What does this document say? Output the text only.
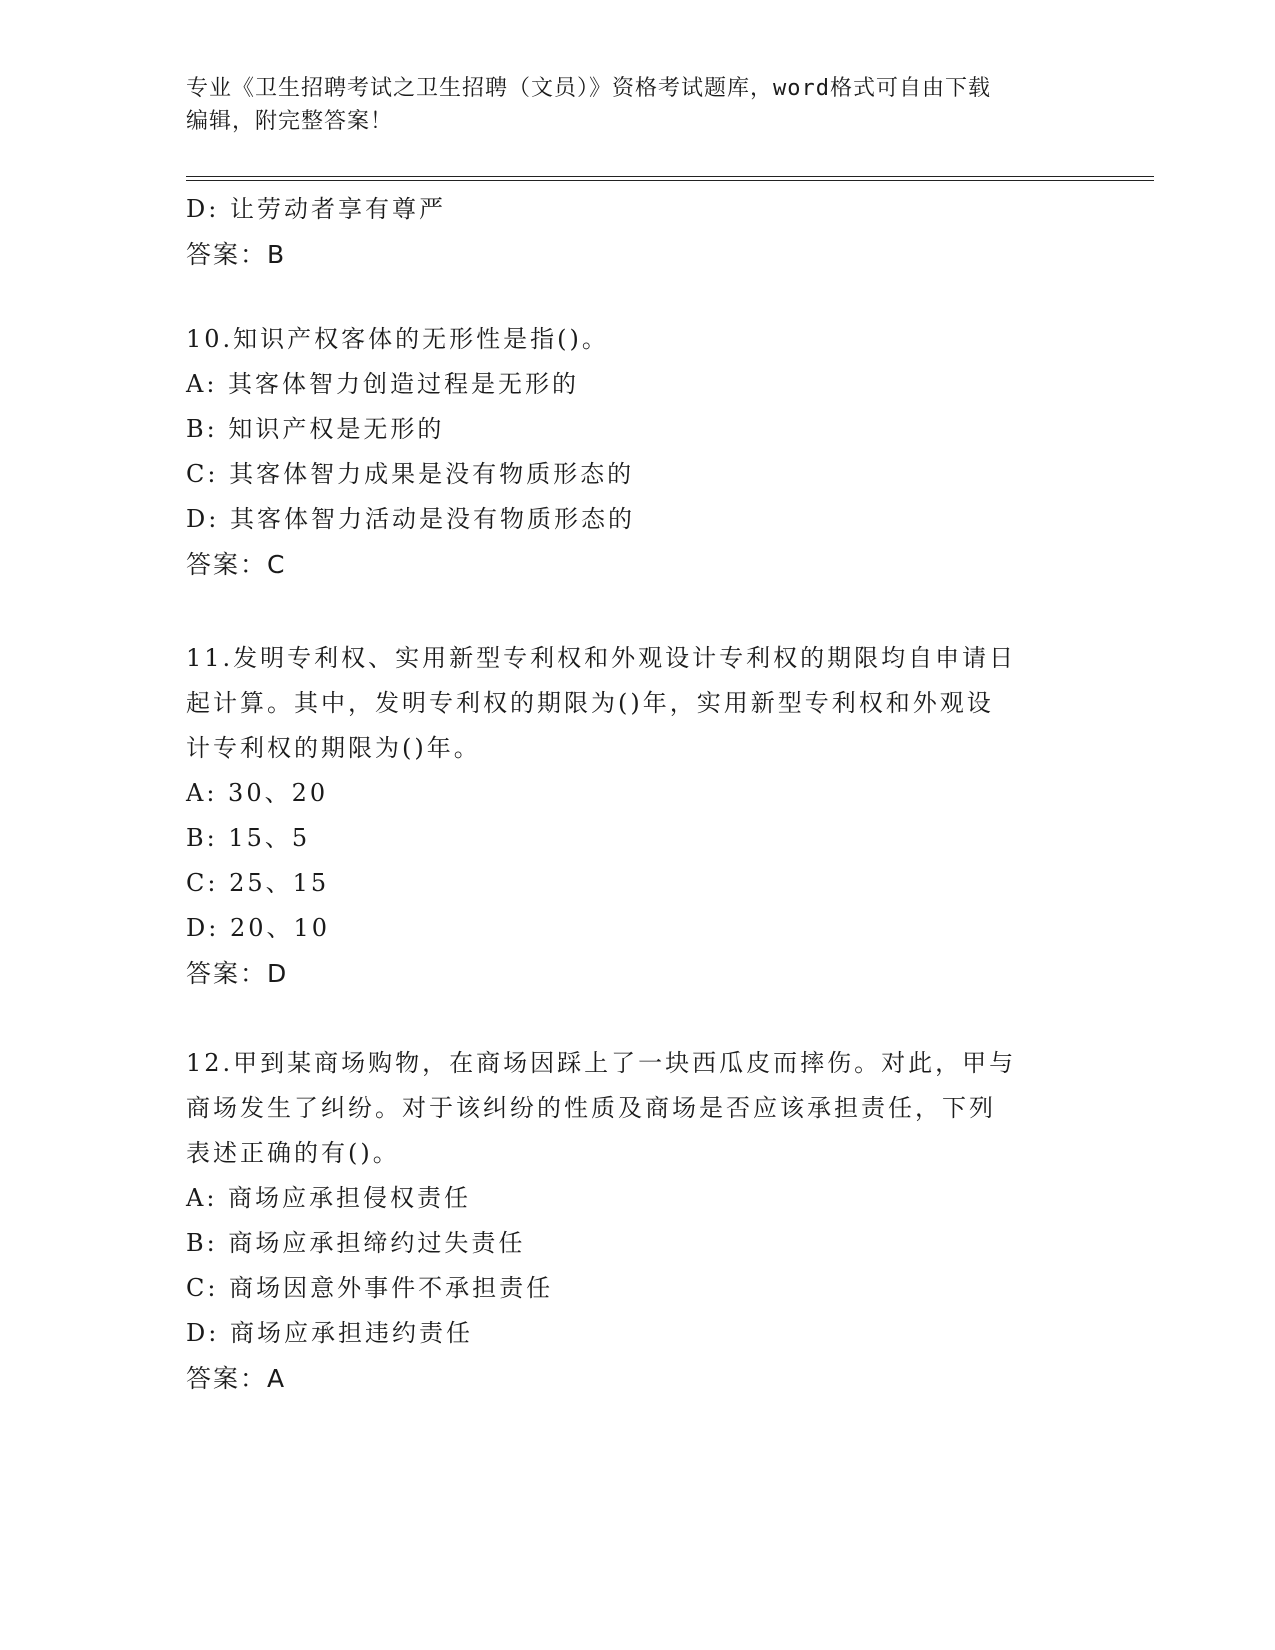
专业《卫生招聘考试之卫生招聘（文员）》资格考试题库，word格式可自由下载
编辑，附完整答案！
D: 让劳动者享有尊严
答案：B
10.知识产权客体的无形性是指()。
A: 其客体智力创造过程是无形的
B: 知识产权是无形的
C: 其客体智力成果是没有物质形态的
D: 其客体智力活动是没有物质形态的
答案：C
11.发明专利权、实用新型专利权和外观设计专利权的期限均自申请日
起计算。其中，发明专利权的期限为()年，实用新型专利权和外观设
计专利权的期限为()年。
A: 30、20
B: 15、5
C: 25、15
D: 20、10
答案：D
12.甲到某商场购物，在商场因踩上了一块西瓜皮而摔伤。对此，甲与
商场发生了纠纷。对于该纠纷的性质及商场是否应该承担责任，下列
表述正确的有()。
A: 商场应承担侵权责任
B: 商场应承担缔约过失责任
C: 商场因意外事件不承担责任
D: 商场应承担违约责任
答案：A
